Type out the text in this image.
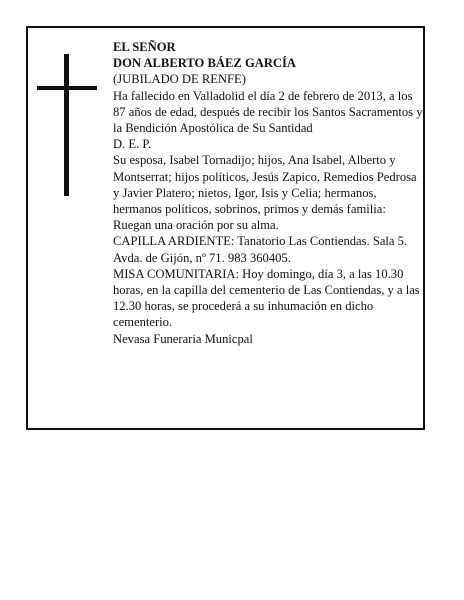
EL SEÑOR

DON ALBERTO BÁEZ GARCÍA

(JUBILADO DE RENFE)

Ha fallecido en Valladolid el día 2 de febrero de 2013, a los 87 años de edad, después de recibir los Santos Sacramentos y la Bendición Apostólica de Su Santidad

D. E. P.

Su esposa, Isabel Tornadijo; hijos, Ana Isabel, Alberto y Montserrat; hijos políticos, Jesús Zapico, Remedios Pedrosa y Javier Platero; nietos, Igor, Isis y Celia; hermanos, hermanos políticos, sobrinos, primos y demás familia:

Ruegan una oración por su alma.

CAPILLA ARDIENTE: Tanatorio Las Contiendas. Sala 5. Avda. de Gijón, nº 71. 983 360405.

MISA COMUNITARIA: Hoy domingo, día 3, a las 10.30 horas, en la capilla del cementerio de Las Contiendas, y a las 12.30 horas, se procederá a su inhumación en dicho cementerio.

Nevasa Funeraria Municpal
